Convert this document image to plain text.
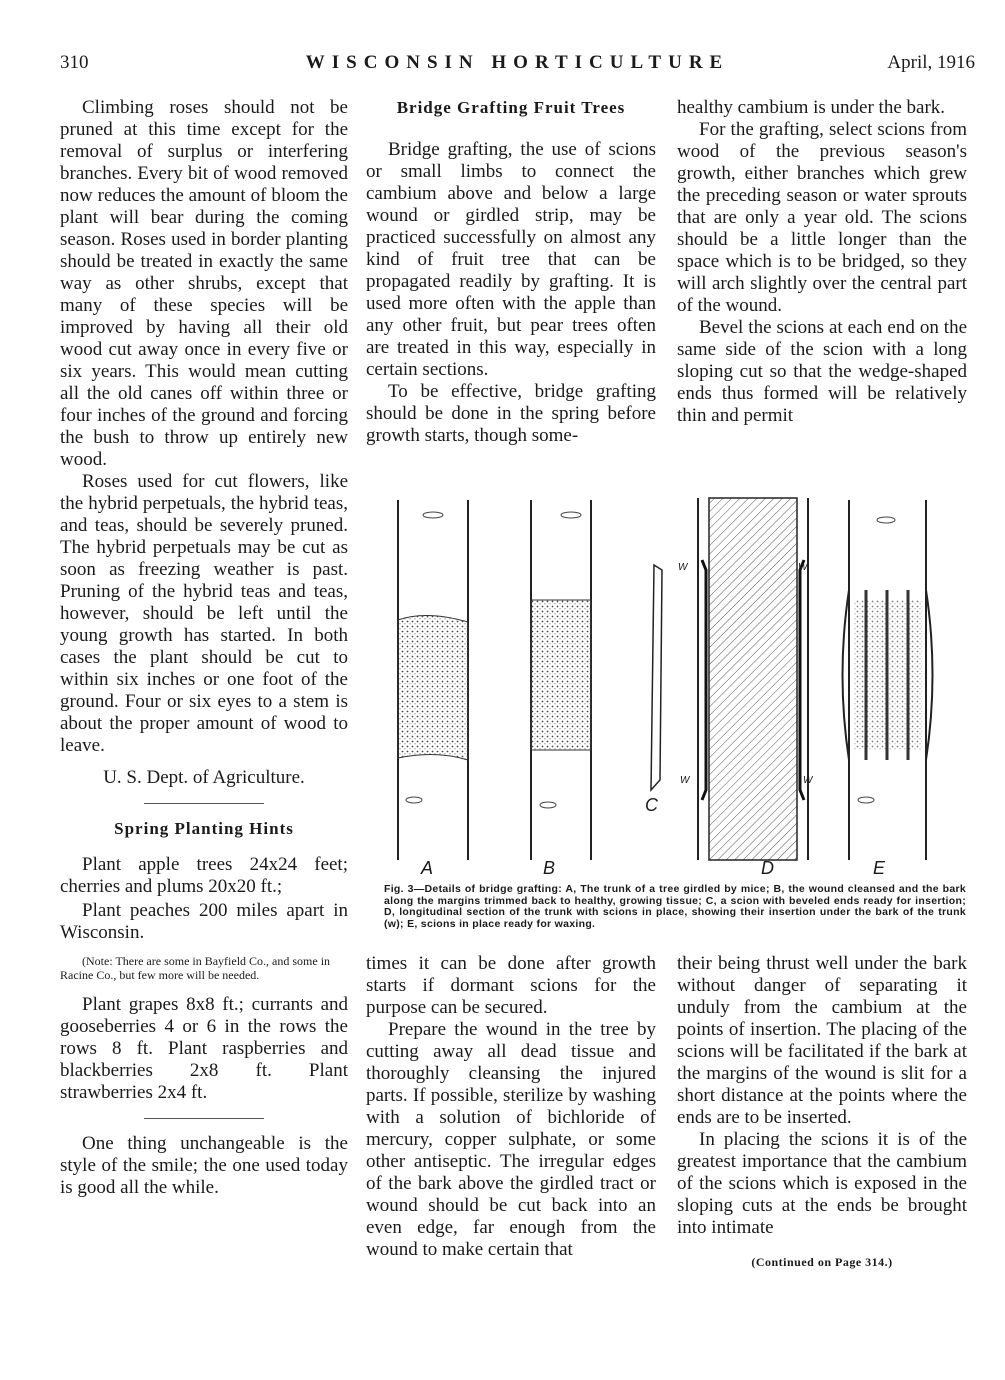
310	WISCONSIN HORTICULTURE	April, 1916

Climbing roses should not be pruned at this time except for the removal of surplus or interfering branches. Every bit of wood removed now reduces the amount of bloom the plant will bear during the coming season. Roses used in border planting should be treated in exactly the same way as other shrubs, except that many of these species will be improved by having all their old wood cut away once in every five or six years. This would mean cutting all the old canes off within three or four inches of the ground and forcing the bush to throw up entirely new wood.

Roses used for cut flowers, like the hybrid perpetuals, the hybrid teas, and teas, should be severely pruned. The hybrid perpetuals may be cut as soon as freezing weather is past. Pruning of the hybrid teas and teas, however, should be left until the young growth has started. In both cases the plant should be cut to within six inches or one foot of the ground. Four or six eyes to a stem is about the proper amount of wood to leave.

U. S. Dept. of Agriculture.

Spring Planting Hints

Plant apple trees 24x24 feet; cherries and plums 20x20 ft.;

Plant peaches 200 miles apart in Wisconsin.

(Note: There are some in Bayfield Co., and some in Racine Co., but few more will be needed.

Plant grapes 8x8 ft.; currants and gooseberries 4 or 6 in the rows the rows 8 ft. Plant raspberries and blackberries 2x8 ft. Plant strawberries 2x4 ft.

One thing unchangeable is the style of the smile; the one used today is good all the while.

Bridge Grafting Fruit Trees

Bridge grafting, the use of scions or small limbs to connect the cambium above and below a large wound or girdled strip, may be practiced successfully on almost any kind of fruit tree that can be propagated readily by grafting. It is used more often with the apple than any other fruit, but pear trees often are treated in this way, especially in certain sections.

To be effective, bridge grafting should be done in the spring before growth starts, though some-

healthy cambium is under the bark.

For the grafting, select scions from wood of the previous season's growth, either branches which grew the preceding season or water sprouts that are only a year old. The scions should be a little longer than the space which is to be bridged, so they will arch slightly over the central part of the wound.

Bevel the scions at each end on the same side of the scion with a long sloping cut so that the wedge-shaped ends thus formed will be relatively thin and permit

A	B
C
D	E
W	W
W	W
Fig. 3—Details of bridge grafting: A, The trunk of a tree girdled by mice; B, the wound cleansed and the bark along the margins trimmed back to healthy, growing tissue; C, a scion with beveled ends ready for insertion; D, longitudinal section of the trunk with scions in place, showing their insertion under the bark of the trunk (w); E, scions in place ready for waxing.

times it can be done after growth starts if dormant scions for the purpose can be secured.

Prepare the wound in the tree by cutting away all dead tissue and thoroughly cleansing the injured parts. If possible, sterilize by washing with a solution of bichloride of mercury, copper sulphate, or some other antiseptic. The irregular edges of the bark above the girdled tract or wound should be cut back into an even edge, far enough from the wound to make certain that

their being thrust well under the bark without danger of separating it unduly from the cambium at the points of insertion. The placing of the scions will be facilitated if the bark at the margins of the wound is slit for a short distance at the points where the ends are to be inserted.

In placing the scions it is of the greatest importance that the cambium of the scions which is exposed in the sloping cuts at the ends be brought into intimate

(Continued on Page 314.)
